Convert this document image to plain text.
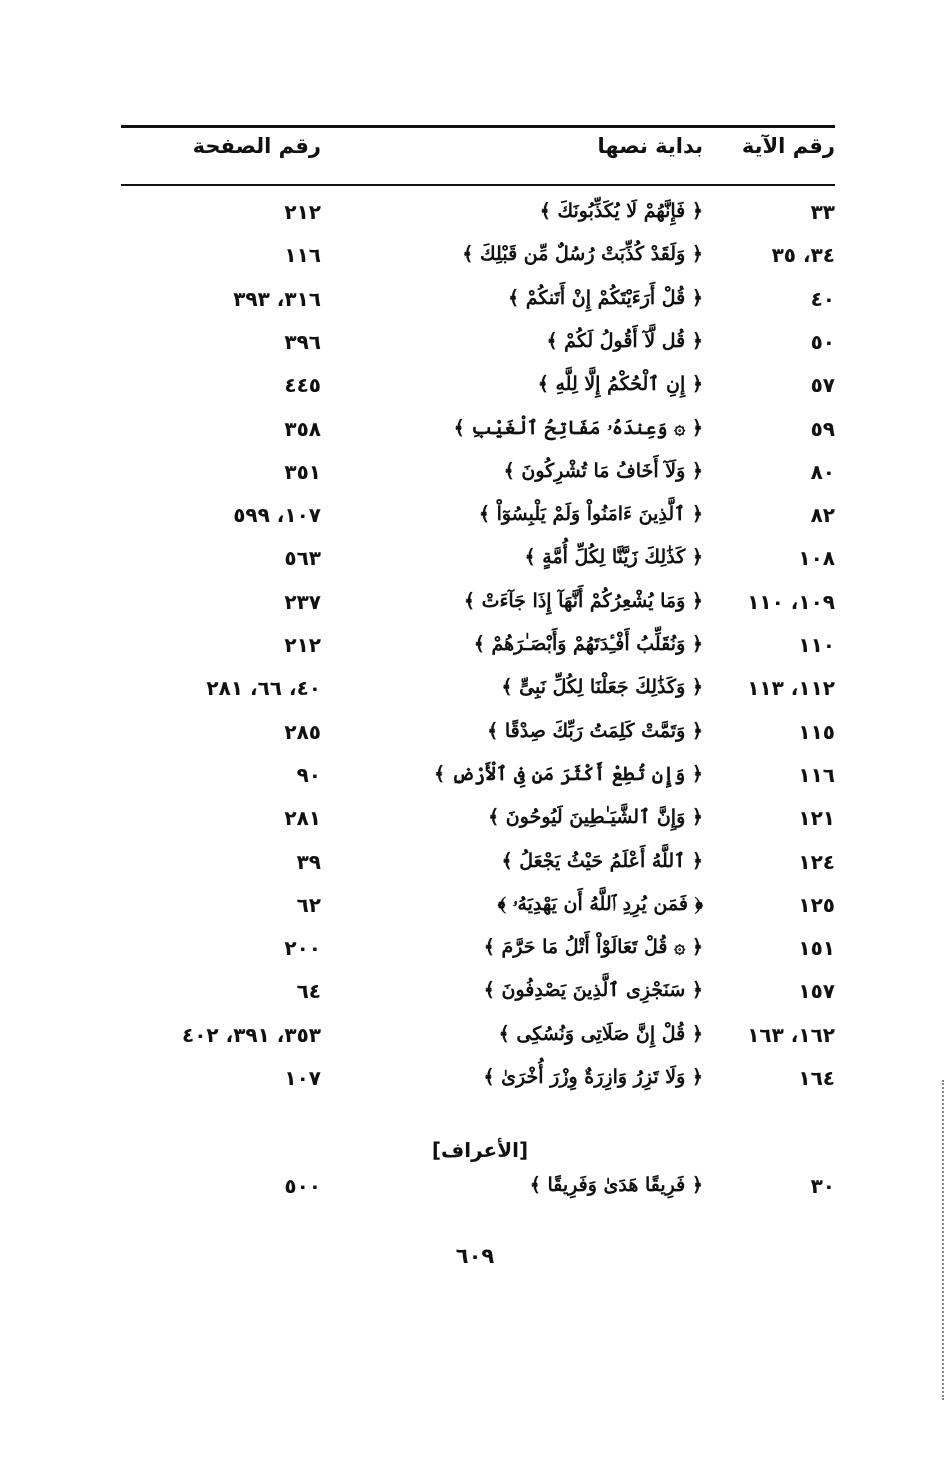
رقم الآية
بداية نصها
رقم الصفحة
٣٣
﴿ فَإِنَّهُمْ لَا يُكَذِّبُونَكَ ﴾
٢١٢
٣٤، ٣٥
﴿ وَلَقَدْ كُذِّبَتْ رُسُلٌ مِّن قَبْلِكَ ﴾
١١٦
٤٠
﴿ قُلْ أَرَءَيْتَكُمْ إِنْ أَتَنكُمْ ﴾
٣١٦، ٣٩٣
٥٠
﴿ قُل لَّآ أَقُولُ لَكُمْ ﴾
٣٩٦
٥٧
﴿ إِنِ ٱلْحُكْمُ إِلَّا لِلَّهِ ﴾
٤٤٥
٥٩
﴿ ۞ وَعِندَهُۥ مَفَاتِحُ ٱلْغَيْبِ ﴾
٣٥٨
٨٠
﴿ وَلَآ أَخَافُ مَا تُشْرِكُونَ ﴾
٣٥١
٨٢
﴿ ٱلَّذِينَ ءَامَنُواْ وَلَمْ يَلْبِسُوٓاْ ﴾
١٠٧، ٥٩٩
١٠٨
﴿ كَذَٰلِكَ زَيَّنَّا لِكُلِّ أُمَّةٍ ﴾
٥٦٣
١٠٩، ١١٠
﴿ وَمَا يُشْعِرُكُمْ أَنَّهَآ إِذَا جَآءَتْ ﴾
٢٣٧
١١٠
﴿ وَنُقَلِّبُ أَفْـِٔدَتَهُمْ وَأَبْصَـٰرَهُمْ ﴾
٢١٢
١١٢، ١١٣
﴿ وَكَذَٰلِكَ جَعَلْنَا لِكُلِّ نَبِىٍّ ﴾
٤٠، ٦٦، ٢٨١
١١٥
﴿ وَتَمَّتْ كَلِمَتُ رَبِّكَ صِدْقًا ﴾
٢٨٥
١١٦
﴿ وَإِن تُطِعْ أَكْثَرَ مَن فِى ٱلْأَرْضِ ﴾
٩٠
١٢١
﴿ وَإِنَّ ٱلشَّيَـٰطِينَ لَيُوحُونَ ﴾
٢٨١
١٢٤
﴿ ٱللَّهُ أَعْلَمُ حَيْثُ يَجْعَلُ ﴾
٣٩
١٢٥
﴿ فَمَن يُرِدِ ٱللَّهُ أَن يَهْدِيَهُۥ ﴾
٦٢
١٥١
﴿ ۞ قُلْ تَعَالَوْاْ أَتْلُ مَا حَرَّمَ ﴾
٢٠٠
١٥٧
﴿ سَنَجْزِى ٱلَّذِينَ يَصْدِفُونَ ﴾
٦٤
١٦٢، ١٦٣
﴿ قُلْ إِنَّ صَلَاتِى وَنُسُكِى ﴾
٣٥٣، ٣٩١، ٤٠٢
١٦٤
﴿ وَلَا تَزِرُ وَازِرَةٌ وِزْرَ أُخْرَىٰ ﴾
١٠٧
[الأعراف]
٣٠
﴿ فَرِيقًا هَدَىٰ وَفَرِيقًا ﴾
٥٠٠
٦٠٩
